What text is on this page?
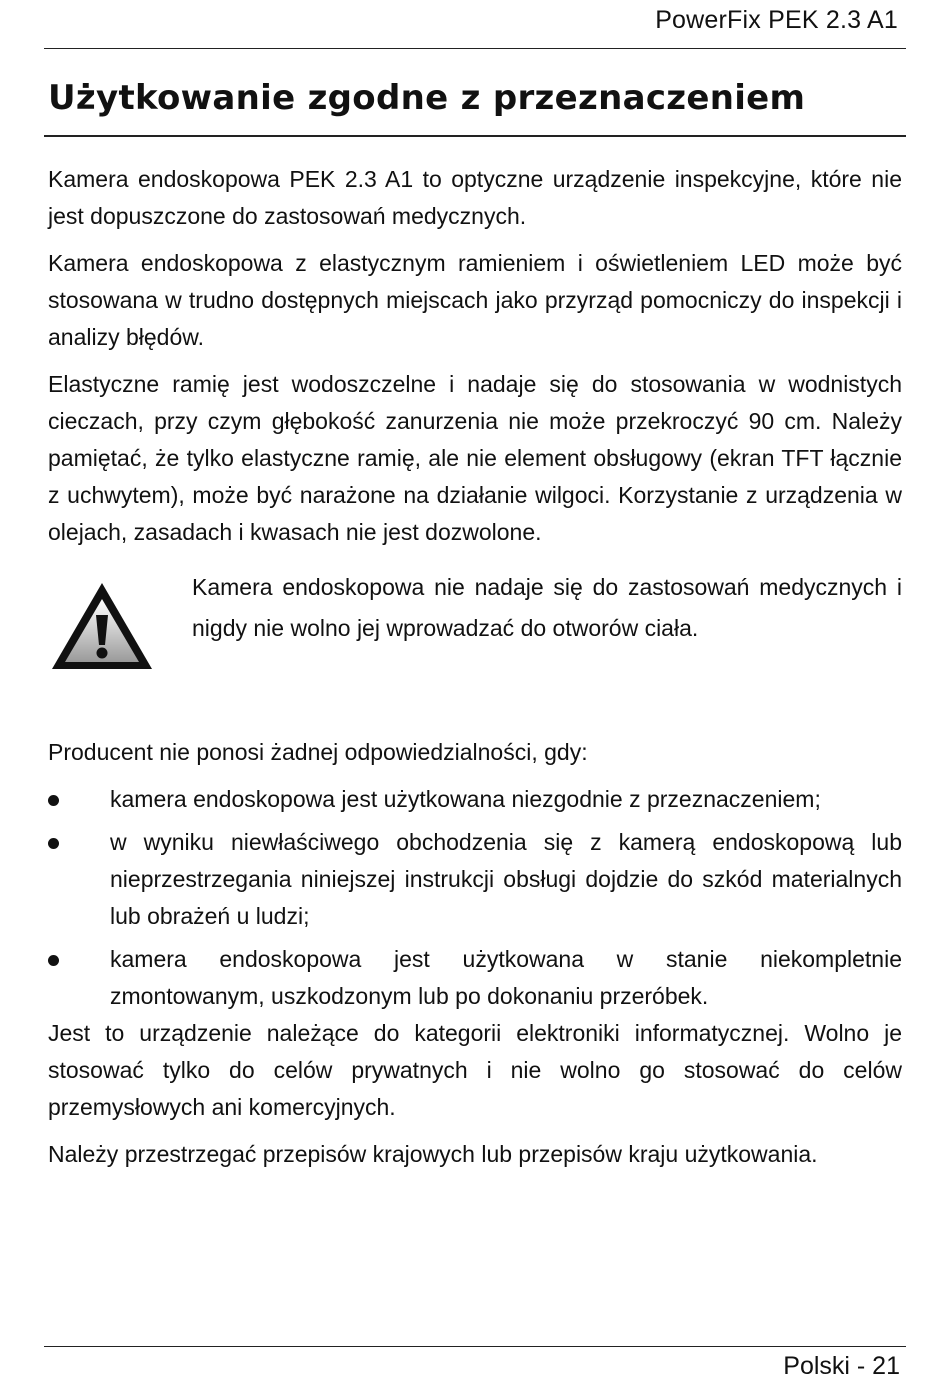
PowerFix PEK 2.3 A1
Użytkowanie zgodne z przeznaczeniem

Kamera endoskopowa PEK 2.3 A1 to optyczne urządzenie inspekcyjne, które nie jest dopuszczone do zastosowań medycznych.

Kamera endoskopowa z elastycznym ramieniem i oświetleniem LED może być stosowana w trudno dostępnych miejscach jako przyrząd pomocniczy do inspekcji i analizy błędów.

Elastyczne ramię jest wodoszczelne i nadaje się do stosowania w wodnistych cieczach, przy czym głębokość zanurzenia nie może przekroczyć 90 cm. Należy pamiętać, że tylko elastyczne ramię, ale nie element obsługowy (ekran TFT łącznie z uchwytem), może być narażone na działanie wilgoci. Korzystanie z urządzenia w olejach, zasadach i kwasach nie jest dozwolone.

Kamera endoskopowa nie nadaje się do zastosowań medycznych i nigdy nie wolno jej wprowadzać do otworów ciała.

Producent nie ponosi żadnej odpowiedzialności, gdy:

kamera endoskopowa jest użytkowana niezgodnie z przeznaczeniem;
w wyniku niewłaściwego obchodzenia się z kamerą endoskopową lub nieprzestrzegania niniejszej instrukcji obsługi dojdzie do szkód materialnych lub obrażeń u ludzi;
kamera endoskopowa jest użytkowana w stanie niekompletnie zmontowanym, uszkodzonym lub po dokonaniu przeróbek.

Jest to urządzenie należące do kategorii elektroniki informatycznej. Wolno je stosować tylko do celów prywatnych i nie wolno go stosować do celów przemysłowych ani komercyjnych.

Należy przestrzegać przepisów krajowych lub przepisów kraju użytkowania.

Polski - 21
